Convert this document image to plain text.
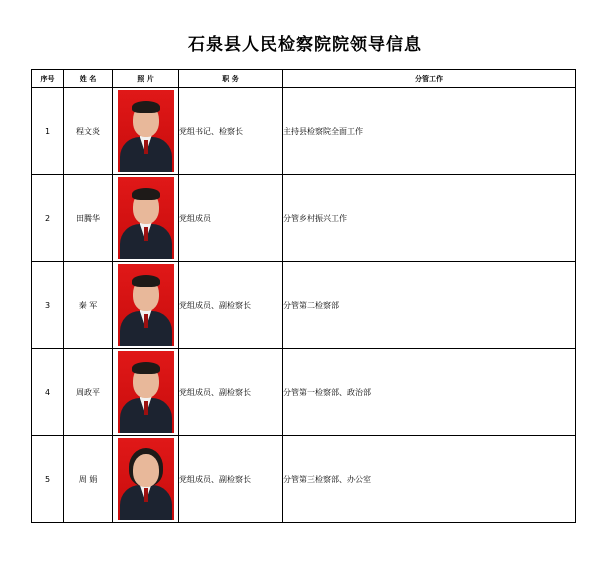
石泉县人民检察院院领导信息
序号	姓 名	照 片	职 务	分管工作
1	程文炎		党组书记、检察长	主持县检察院全面工作
2	田腾华		党组成员	分管乡村振兴工作
3	秦 军		党组成员、副检察长	分管第二检察部
4	周政平		党组成员、副检察长	分管第一检察部、政治部
5	周 娟		党组成员、副检察长	分管第三检察部、办公室
